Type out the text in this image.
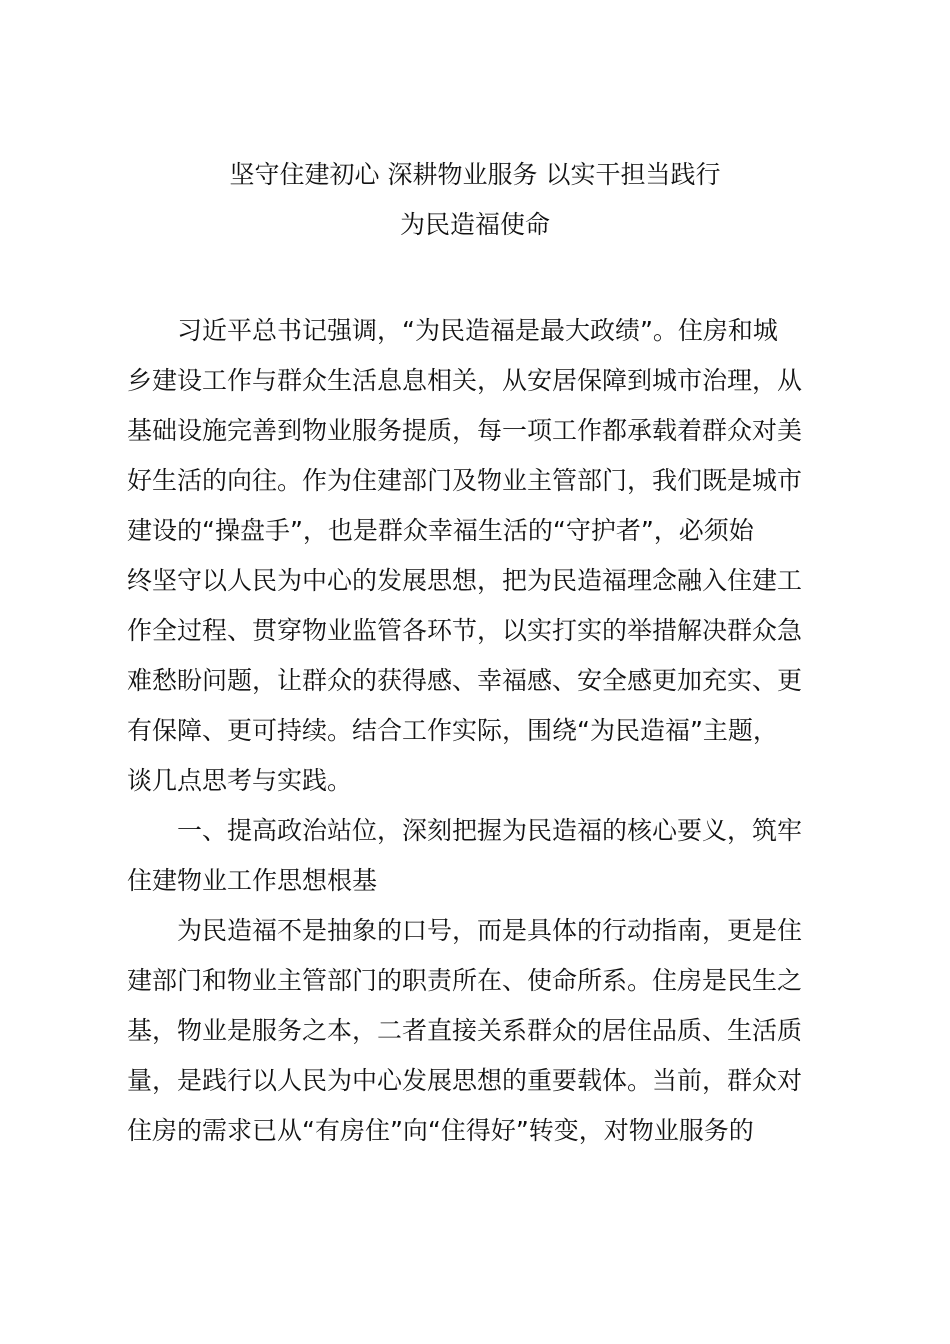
坚守住建初心 深耕物业服务 以实干担当践行
为民造福使命
习近平总书记强调，“为民造福是最大政绩”。住房和城
乡建设工作与群众生活息息相关，从安居保障到城市治理，从
基础设施完善到物业服务提质，每一项工作都承载着群众对美
好生活的向往。作为住建部门及物业主管部门，我们既是城市
建设的“操盘手”，也是群众幸福生活的“守护者”，必须始
终坚守以人民为中心的发展思想，把为民造福理念融入住建工
作全过程、贯穿物业监管各环节，以实打实的举措解决群众急
难愁盼问题，让群众的获得感、幸福感、安全感更加充实、更
有保障、更可持续。结合工作实际，围绕“为民造福”主题，
谈几点思考与实践。
一、提高政治站位，深刻把握为民造福的核心要义，筑牢
住建物业工作思想根基
为民造福不是抽象的口号，而是具体的行动指南，更是住
建部门和物业主管部门的职责所在、使命所系。住房是民生之
基，物业是服务之本，二者直接关系群众的居住品质、生活质
量，是践行以人民为中心发展思想的重要载体。当前，群众对
住房的需求已从“有房住”向“住得好”转变，对物业服务的
